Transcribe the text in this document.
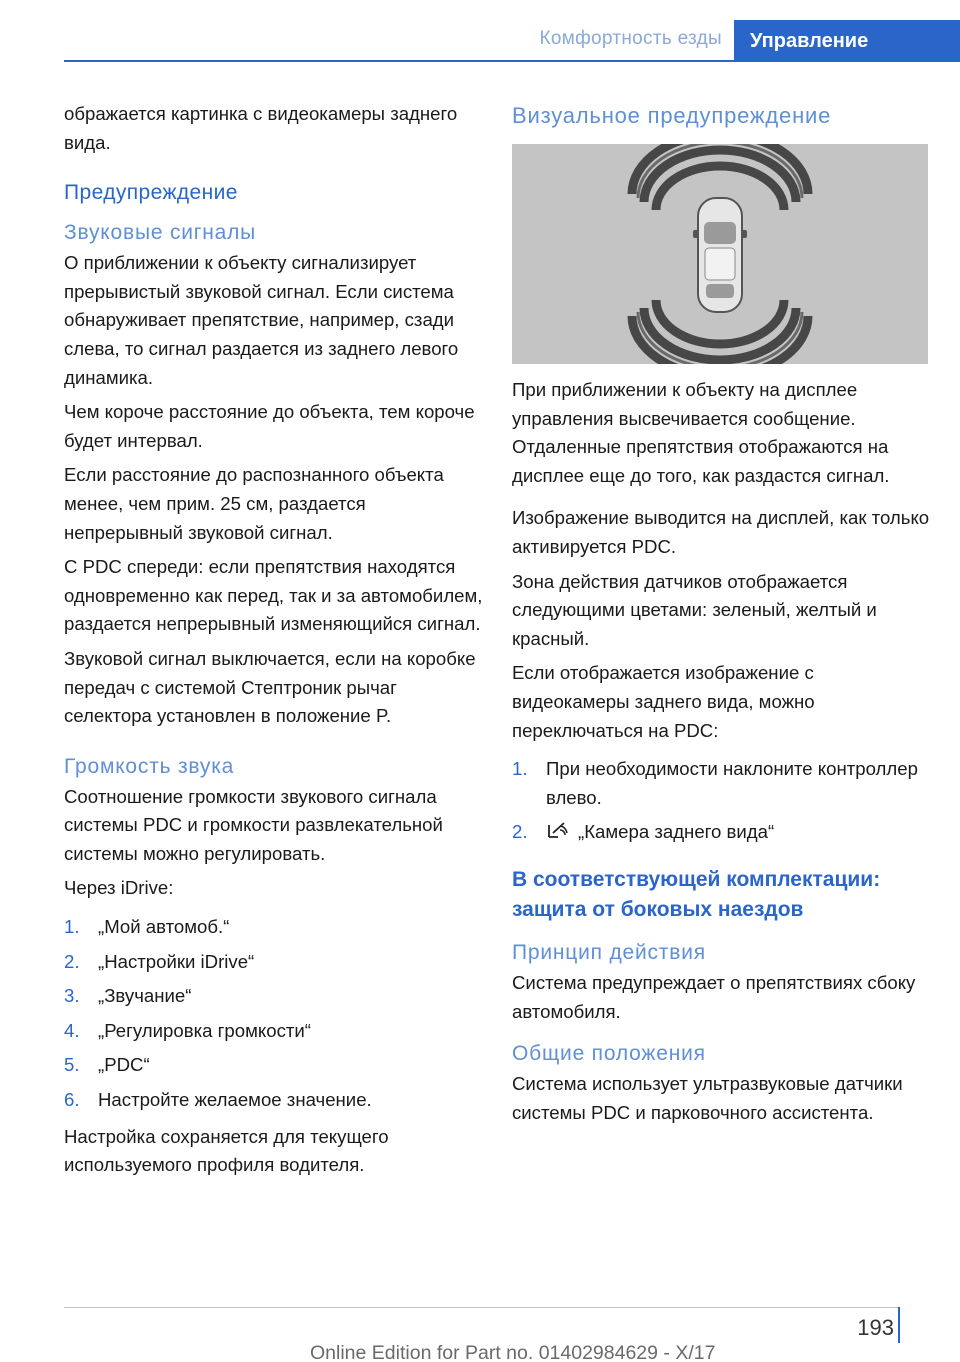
Комфортность езды	Управление

ображается картинка с видеокамеры заднего вида.

Предупреждение
Звуковые сигналы

О приближении к объекту сигнализирует прерывистый звуковой сигнал. Если система обнаруживает препятствие, например, сзади слева, то сигнал раздается из заднего левого динамика.

Чем короче расстояние до объекта, тем короче будет интервал.

Если расстояние до распознанного объекта менее, чем прим. 25 см, раздается непрерывный звуковой сигнал.

С PDC спереди: если препятствия находятся одновременно как перед, так и за автомобилем, раздается непрерывный изменяющийся сигнал.

Звуковой сигнал выключается, если на коробке передач с системой Стептроник рычаг селектора установлен в положение P.

Громкость звука

Соотношение громкости звукового сигнала системы PDC и громкости развлекательной системы можно регулировать.

Через iDrive:

1. „Мой автомоб.“
2. „Настройки iDrive“
3. „Звучание“
4. „Регулировка громкости“
5. „PDC“
6. Настройте желаемое значение.

Настройка сохраняется для текущего используемого профиля водителя.

Визуальное предупреждение

При приближении к объекту на дисплее управления высвечивается сообщение. Отдаленные препятствия отображаются на дисплее еще до того, как раздастся сигнал.

Изображение выводится на дисплей, как только активируется PDC.

Зона действия датчиков отображается следующими цветами: зеленый, желтый и красный.

Если отображается изображение с видеокамеры заднего вида, можно переключаться на PDC:

1. При необходимости наклоните контроллер влево.
2.	„Камера заднего вида“
В соответствующей комплектации: защита от боковых наездов
Принцип действия

Система предупреждает о препятствиях сбоку автомобиля.

Общие положения

Система использует ультразвуковые датчики системы PDC и парковочного ассистента.

193
Online Edition for Part no. 01402984629 - X/17
